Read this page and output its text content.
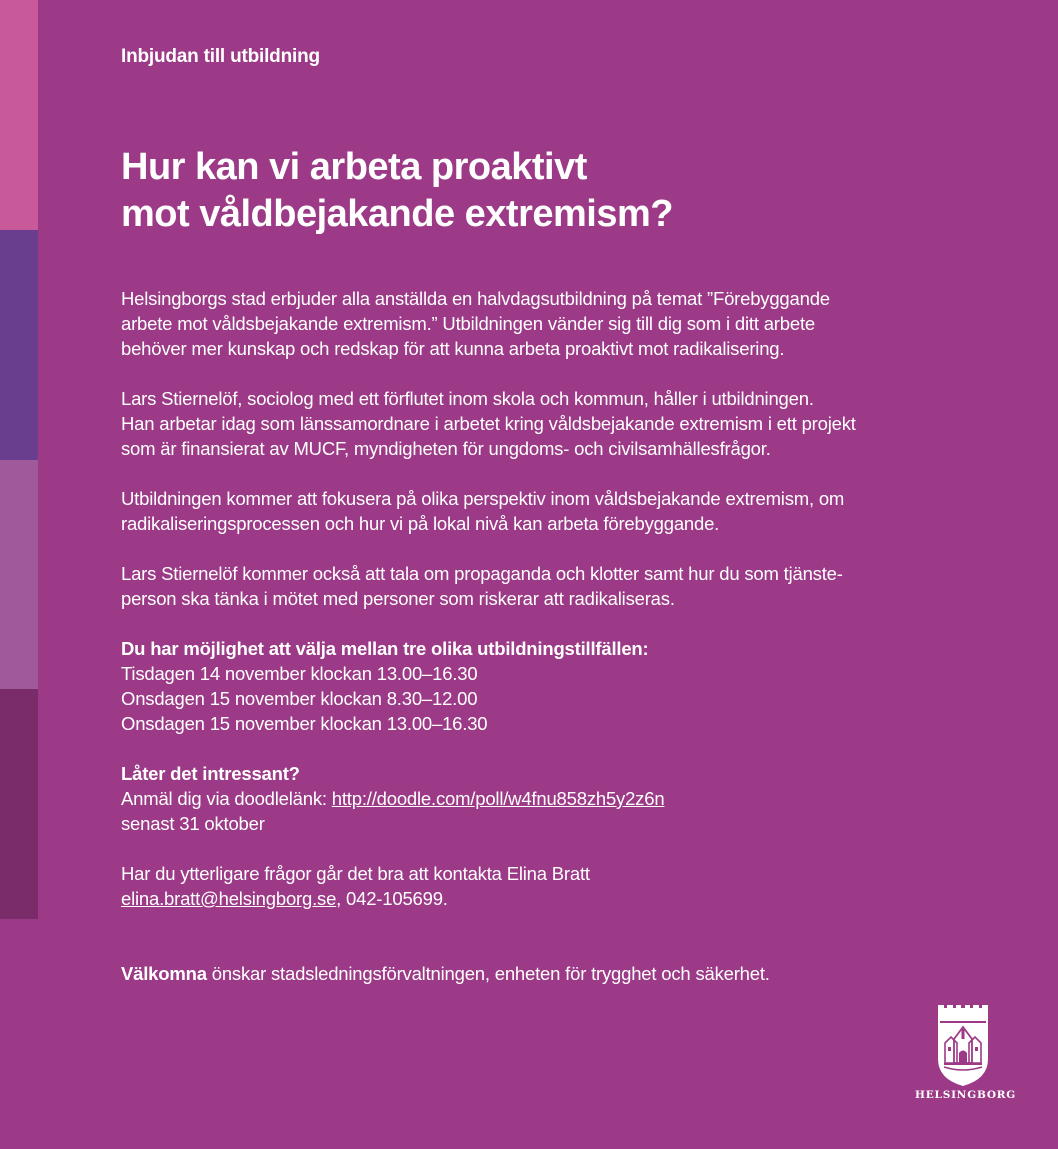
Inbjudan till utbildning
Hur kan vi arbeta proaktivt
mot våldbejakande extremism?

Helsingborgs stad erbjuder alla anställda en halvdagsutbildning på temat ”Förebyggande
arbete mot våldsbejakande extremism.” Utbildningen vänder sig till dig som i ditt arbete
behöver mer kunskap och redskap för att kunna arbeta proaktivt mot radikalisering.

Lars Stiernelöf, sociolog med ett förflutet inom skola och kommun, håller i utbildningen.
Han arbetar idag som länssamordnare i arbetet kring våldsbejakande extremism i ett projekt
som är finansierat av MUCF, myndigheten för ungdoms- och civilsamhällesfrågor.

Utbildningen kommer att fokusera på olika perspektiv inom våldsbejakande extremism, om
radikaliseringsprocessen och hur vi på lokal nivå kan arbeta förebyggande.

Lars Stiernelöf kommer också att tala om propaganda och klotter samt hur du som tjänste-
person ska tänka i mötet med personer som riskerar att radikaliseras.

Du har möjlighet att välja mellan tre olika utbildningstillfällen:
Tisdagen 14 november klockan 13.00–16.30
Onsdagen 15 november klockan 8.30–12.00
Onsdagen 15 november klockan 13.00–16.30

Låter det intressant?
Anmäl dig via doodlelänk: http://doodle.com/poll/w4fnu858zh5y2z6n
senast 31 oktober

Har du ytterligare frågor går det bra att kontakta Elina Bratt
elina.bratt@helsingborg.se, 042-105699.

Välkomna önskar stadsledningsförvaltningen, enheten för trygghet och säkerhet.

HELSINGBORG
